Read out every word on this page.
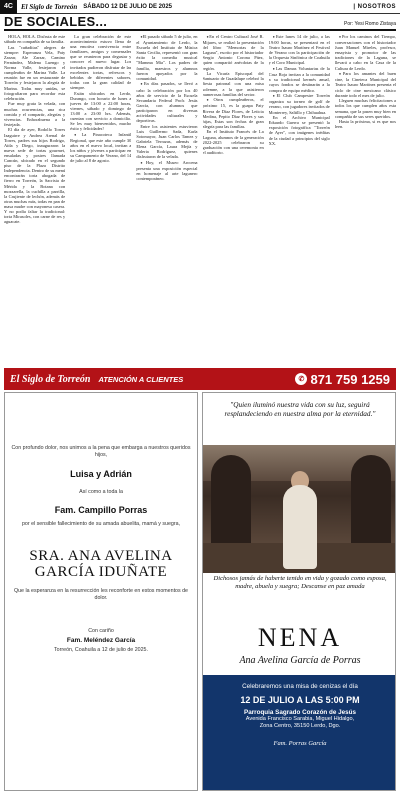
4C	El Siglo de Torreón SÁBADO 12 DE JULIO DE 2025	| NOSOTROS
DE SOCIALES...	Por: Yesi Romo Zistaya

HOLA, HOLA. Disfruta de este sábado en compañía de su familia.

Las "cuñaditas" alegres de siempre: Esperanza Vela, Paty Zarzar, Ale Zarzar, Camino Fernández, Malena Luengo y Norma Valle, festejaron el cumpleaños de Marina Valle. La reunión fue en un restaurante de Torreón y festejaron la alegría de Marina. Todas muy unidas, se fotografiaron para recordar esta celebración.

Fue muy grata la velada, con muchas ocurrencias, una rica comida y el compartir, alegrías y vivencias. Enhorabuena a la festejada.

El día de ayer, Rodolfo Torres Izaguirre y Andrea Arenal de Torres, padres sus hijos Rodrigo, Aída y Diego, inauguraron la nueva sede de tortas gourmet, ensaladas y postres llamada Cancún, ubicado en el segundo piso de la Plaza Distrito Independencia. Dentro de su menú encontrarán torta ahogada de fierro en Torreón, la Sacrista de Mérida y la Botana con mozzarella, la cuchilla a parrilla, la Crujiente de lechón, además de otras muchas más, todas en pan de masa madre con mayonesa casera. Y no podía faltar la tradicional: torta Mirasoles, con carne de res y aguacate.

La gran celebración de este acontecimiento estuvo llena de una emotiva convivencia entre familiares, amigos y comensales que se reunieron para degustar y conocer el nuevo lugar. Los invitados pudieron disfrutar de las excelentes tortas, refrescos y bebidas de diferentes sabores, todas con la gran calidad de siempre.

Están ubicados en Lerdo, Durango, con horario de lunes a jueves de 13:00 a 22:00 horas, viernes, sábado y domingo de 13:00 a 23:00 hrs. Además, cuentan con servicio a domicilio. Se les muy bienvenidos, mucho éxito y felicidades!

● La Pinacoteca Infantil Regional, que este año cumple 30 años en el nuevo local, invitan a los niños y jóvenes a participar en su Campamento de Verano, del 14 de julio al 8 de agosto.

● El pasado sábado 5 de julio, en el Ayuntamiento de Lerdo, la Escuela del Instituto de Música Santa Cecilia, representó con gran éxito la comedia musical "Mamma Mía". Los padres de familia, maestros y alumnos fueron apoyados por la comunidad.

● En días pasados, se llevó a cabo la celebración por los 40 años de servicio de la Escuela Secundaria Federal Profr. Jesús García, con alumnos que participaron en diversas actividades culturales y deportivas.

Entre los asistentes estuvieron Luis Guillermo Sada, Karla Sotomayor, Juan Carlos Tamez y Gabriela Terrazas, además de Elena García, Laura Mejía y Valeria Rodríguez, quienes disfrutaron de la velada.

● Hoy, el Museo Arocena presenta una exposición especial en homenaje al arte lagunero contemporáneo.

● En el Centro Cultural José R. Mijares, se realizó la presentación del libro "Memorias de la Laguna", escrito por el historiador Sergio Antonio Corona Páez, quien compartió anécdotas de la región.

La Vicaría Episcopal del Santuario de Guadalupe celebró la fiesta patronal con una misa solemne, a la que asistieron numerosas familias del sector.

● Otros cumpleañeros, el próximo 15, es la guapa Paty Rivera de Díaz Flores, de Leticia Medina, Pepito Díaz Flores y sus hijas, Estas son fechas de gran alegría para las familias.

En el Instituto Francés de La Laguna, alumnos de la generación 2022-2025 celebraron su graduación con una ceremonia en el auditorio.

● Este lunes 14 de julio, a las 19:00 horas, se presentará en el Teatro Isauro Martínez el Festival de Verano con la participación de la Orquesta Sinfónica de Coahuila y el Coro Municipal.

● Las Damas Voluntarias de la Cruz Roja invitan a la comunidad a su tradicional kermés anual, cuyos fondos se destinarán a la compra de equipo médico.

● El Club Campestre Torreón organiza su torneo de golf de verano, con jugadores invitados de Monterrey, Saltillo y Chihuahua.

En el Archivo Municipal Eduardo Guerra se presentó la exposición fotográfica "Torreón de Ayer", con imágenes inéditas de la ciudad a principios del siglo XX.

● Por los caminos del Tiempo, conversaciones con el historiador Juan Manuel Mireles, profesor, ensayista y promotor de las tradiciones de la Laguna, se llevará a cabo en la Casa de la Cultura de Lerdo.

● Para los amantes del buen cine, la Cineteca Municipal del Teatro Isauro Martínez presenta el ciclo de cine mexicano clásico durante todo el mes de julio.

Lleguen muchas felicitaciones a todos los que cumplen años esta semana, que la pasen muy bien en compañía de sus seres queridos.

Hasta la próxima, si es que nos leen.

El Siglo de Torreón ATENCIÓN A CLIENTES	✆ 871 759 1259
Con profundo dolor, nos unimos a la pena que embarga a nuestros queridos hijos,
Luisa y Adrián
Así como a toda la
Fam. Campillo Porras
por el sensible fallecimiento de su amada abuelita, mamá y suegra,
SRA. ANA AVELINA
GARCÍA IDUÑATE
Que la esperanza en la resurrección les reconforte en estos momentos de dolor.
Con cariño
Fam. Meléndez García
Torreón, Coahuila a 12 de julio de 2025.
"Quien iluminó nuestra vida con su luz, seguirá resplandeciendo en nuestra alma por la eternidad."
Dichosos jamás de haberte tenido en vida y gozado como esposa, madre, abuela y suegra; Descanse en paz amada
NENA
Ana Avelina García de Porras
Celebraremos una misa de cenizas el día
12 DE JULIO A LAS 5:00 PM
Parroquia Sagrado Corazón de Jesús
Avenida Francisco Sarabia, Miguel Hidalgo,
Zona Centro, 35150 Lerdo, Dgo.
Fam. Porras García
